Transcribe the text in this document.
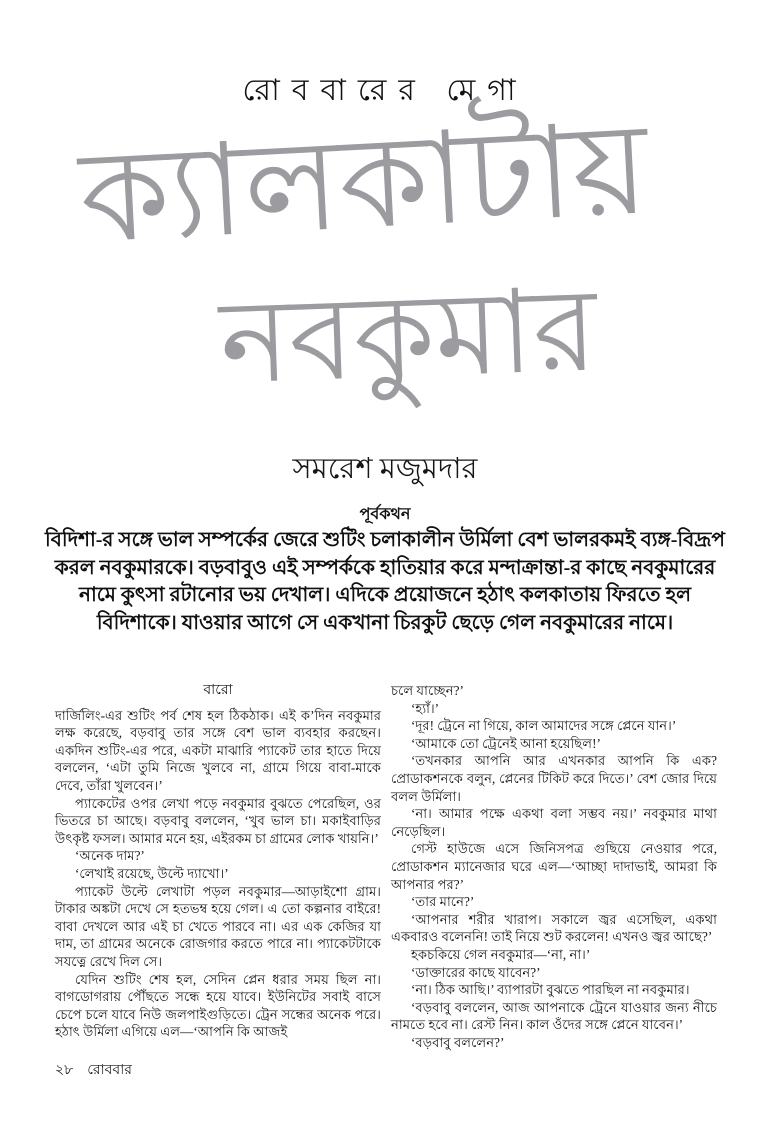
রোববারের মেগা
ক্যালকাটায়
নবকুমার
সমরেশ মজুমদার
পূর্বকথন
বিদিশা-র সঙ্গে ভাল সম্পর্কের জেরে শুটিং চলাকালীন উর্মিলা বেশ ভালরকমই ব্যঙ্গ-বিদ্রূপ করল নবকুমারকে। বড়বাবুও এই সম্পর্ককে হাতিয়ার করে মন্দাক্রান্তা-র কাছে নবকুমারের নামে কুৎসা রটানোর ভয় দেখাল। এদিকে প্রয়োজনে হঠাৎ কলকাতায় ফিরতে হল বিদিশাকে। যাওয়ার আগে সে একখানা চিরকুট ছেড়ে গেল নবকুমারের নামে।
বারো

দার্জিলিং-এর শুটিং পর্ব শেষ হল ঠিকঠাক। এই ক’দিন নবকুমার লক্ষ করেছে, বড়বাবু তার সঙ্গে বেশ ভাল ব্যবহার করছেন। একদিন শুটিং-এর পরে, একটা মাঝারি প্যাকেট তার হাতে দিয়ে বললেন, ‘এটা তুমি নিজে খুলবে না, গ্রামে গিয়ে বাবা-মাকে দেবে, তাঁরা খুলবেন।’

প্যাকেটের ওপর লেখা পড়ে নবকুমার বুঝতে পেরেছিল, ওর ভিতরে চা আছে। বড়বাবু বললেন, ‘খুব ভাল চা। মকাইবাড়ির উৎকৃষ্ট ফসল। আমার মনে হয়, এইরকম চা গ্রামের লোক খায়নি।’

‘অনেক দাম?’

‘লেখাই রয়েছে, উল্টে দ্যাখো।’

প্যাকেট উল্টে লেখাটা পড়ল নবকুমার—আড়াইশো গ্রাম। টাকার অঙ্কটা দেখে সে হতভম্ব হয়ে গেল। এ তো কল্পনার বাইরে! বাবা দেখলে আর এই চা খেতে পারবে না। এর এক কেজির যা দাম, তা গ্রামের অনেকে রোজগার করতে পারে না। প্যাকেটটাকে সযত্নে রেখে দিল সে।

যেদিন শুটিং শেষ হল, সেদিন প্লেন ধরার সময় ছিল না। বাগডোগরায় পৌঁছতে সন্ধে হয়ে যাবে। ইউনিটের সবাই বাসে চেপে চলে যাবে নিউ জলপাইগুড়িতে। ট্রেন সন্ধের অনেক পরে। হঠাৎ উর্মিলা এগিয়ে এল—‘আপনি কি আজই

চলে যাচ্ছেন?’

‘হ্যাঁ।’

‘দূর! ট্রেনে না গিয়ে, কাল আমাদের সঙ্গে প্লেনে যান।’

‘আমাকে তো ট্রেনেই আনা হয়েছিল!’

‘তখনকার আপনি আর এখনকার আপনি কি এক? প্রোডাকশনকে বলুন, প্লেনের টিকিট করে দিতে।’ বেশ জোর দিয়ে বলল উর্মিলা।

‘না। আমার পক্ষে একথা বলা সম্ভব নয়।’ নবকুমার মাথা নেড়েছিল।

গেস্ট হাউজে এসে জিনিসপত্র গুছিয়ে নেওয়ার পরে, প্রোডাকশন ম্যানেজার ঘরে এল—‘আচ্ছা দাদাভাই, আমরা কি আপনার পর?’

‘তার মানে?’

‘আপনার শরীর খারাপ। সকালে জ্বর এসেছিল, একথা একবারও বলেননি! তাই নিয়ে শুট করলেন! এখনও জ্বর আছে?’

হকচকিয়ে গেল নবকুমার—‘না, না।’

‘ডাক্তারের কাছে যাবেন?’

‘না। ঠিক আছি।’ ব্যাপারটা বুঝতে পারছিল না নবকুমার।

‘বড়বাবু বললেন, আজ আপনাকে ট্রেনে যাওয়ার জন্য নীচে নামতে হবে না। রেস্ট নিন। কাল ওঁদের সঙ্গে প্লেনে যাবেন।’

‘বড়বাবু বললেন?’

২৮ রোববার
